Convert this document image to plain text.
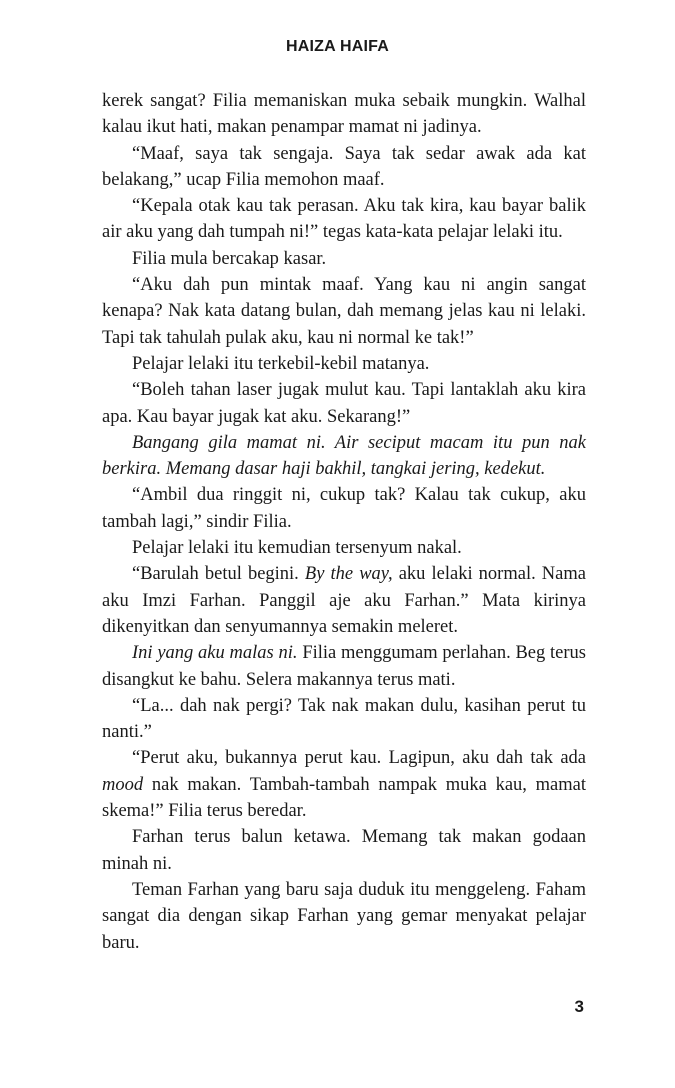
HAIZA HAIFA

kerek sangat? Filia memaniskan muka sebaik mungkin. Walhal kalau ikut hati, makan penampar mamat ni jadinya.

“Maaf, saya tak sengaja. Saya tak sedar awak ada kat belakang,” ucap Filia memohon maaf.

“Kepala otak kau tak perasan. Aku tak kira, kau bayar balik air aku yang dah tumpah ni!” tegas kata-kata pelajar lelaki itu.

Filia mula bercakap kasar.

“Aku dah pun mintak maaf. Yang kau ni angin sangat kenapa? Nak kata datang bulan, dah memang jelas kau ni lelaki. Tapi tak tahulah pulak aku, kau ni normal ke tak!”

Pelajar lelaki itu terkebil-kebil matanya.

“Boleh tahan laser jugak mulut kau. Tapi lantaklah aku kira apa. Kau bayar jugak kat aku. Sekarang!”

Bangang gila mamat ni. Air seciput macam itu pun nak berkira. Memang dasar haji bakhil, tangkai jering, kedekut.

“Ambil dua ringgit ni, cukup tak? Kalau tak cukup, aku tambah lagi,” sindir Filia.

Pelajar lelaki itu kemudian tersenyum nakal.

“Barulah betul begini. By the way, aku lelaki normal. Nama aku Imzi Farhan. Panggil aje aku Farhan.” Mata kirinya dikenyitkan dan senyumannya semakin meleret.

Ini yang aku malas ni. Filia menggumam perlahan. Beg terus disangkut ke bahu. Selera makannya terus mati.

“La... dah nak pergi? Tak nak makan dulu, kasihan perut tu nanti.”

“Perut aku, bukannya perut kau. Lagipun, aku dah tak ada mood nak makan. Tambah-tambah nampak muka kau, mamat skema!” Filia terus beredar.

Farhan terus balun ketawa. Memang tak makan godaan minah ni.

Teman Farhan yang baru saja duduk itu menggeleng. Faham sangat dia dengan sikap Farhan yang gemar menyakat pelajar baru.

3
